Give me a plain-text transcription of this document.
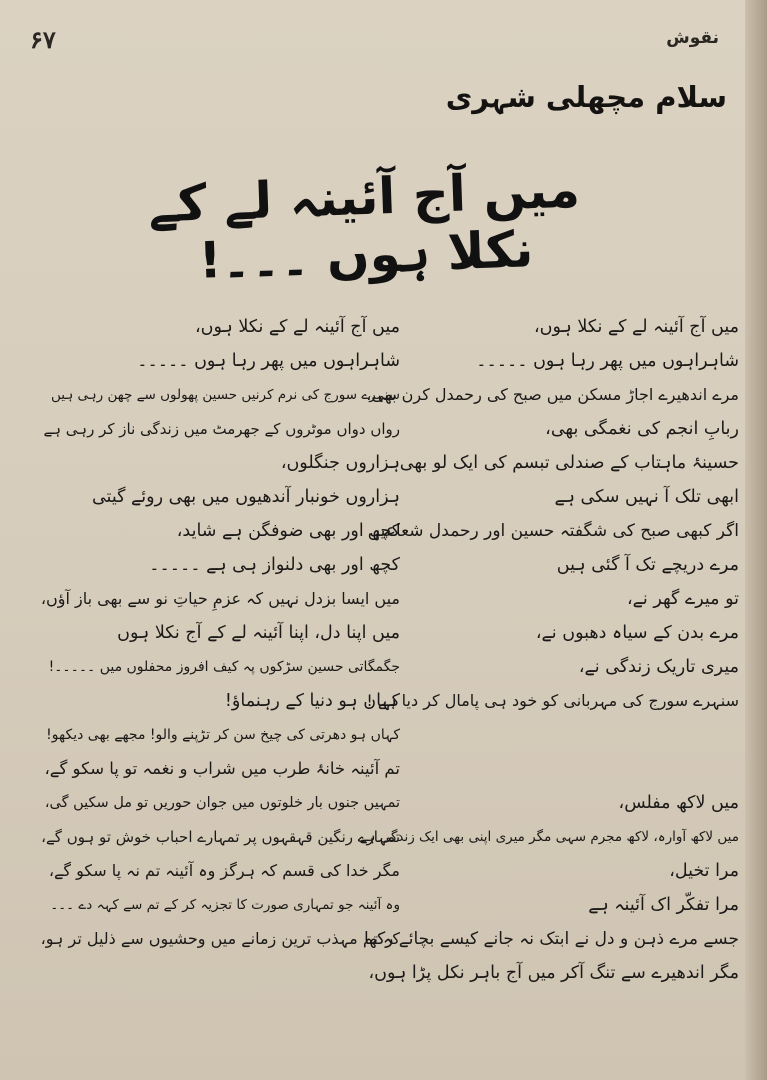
۶۷	نقوش
سلام مچھلی شہری
میں آج آئینہ لے کے نکلا ہوں ۔۔۔!
میں آج آئینہ لے کے نکلا ہوں،
شاہراہوں میں پھر رہا ہوں ۔۔۔۔۔
مرے اندھیرے اجاڑ مسکن میں صبح کی رحمدل کرن بھی،
ربابِ انجم کی نغمگی بھی،
حسینۂ ماہتاب کے صندلی تبسم کی ایک لو بھی
ابھی تلک آ نہیں سکی ہے
اگر کبھی صبح کی شگفتہ حسین اور رحمدل شعاعیں
مرے دریچے تک آ گئی ہیں
تو میرے گھر نے،
مرے بدن کے سیاہ دھبوں نے،
میری تاریک زندگی نے،
سنہرے سورج کی مہربانی کو خود ہی پامال کر دیا ہے !
میں لاکھ مفلس،
میں لاکھ آوارہ، لاکھ مجرم سہی مگر میری اپنی بھی ایک زندگی ہے
مرا تخیل،
مرا تفکّر اک آئینہ ہے
جسے مرے ذہن و دل نے ابتک نہ جانے کیسے بچائے رکھا
مگر اندھیرے سے تنگ آکر میں آج باہر نکل پڑا ہوں،
میں آج آئینہ لے کے نکلا ہوں،
شاہراہوں میں پھر رہا ہوں ۔۔۔۔۔
سنہرے سورج کی نرم کرنیں حسین پھولوں سے چھن رہی ہیں
رواں دواں موٹروں کے جھرمٹ میں زندگی ناز کر رہی ہے
ہزاروں جنگلوں،
ہزاروں خونبار آندھیوں میں بھی روئے گیتی
کچھ اور بھی ضوفگن ہے شاید،
کچھ اور بھی دلنواز ہی ہے ۔۔۔۔۔
میں ایسا بزدل نہیں کہ عزمِ حیاتِ نو سے بھی باز آؤں،
میں اپنا دل، اپنا آئینہ لے کے آج نکلا ہوں
جگمگاتی حسین سڑکوں پہ کیف افروز محفلوں میں ۔۔۔۔۔!
کہاں ہو دنیا کے رہنماؤ!
کہاں ہو دھرتی کی چیخ سن کر تڑپنے والو! مجھے بھی دیکھو!
تم آئینہ خانۂ طرب میں شراب و نغمہ تو پا سکو گے،
تمہیں جنوں بار خلوتوں میں جوان حوریں تو مل سکیں گی،
تمہارے رنگین قہقہوں پر تمہارے احباب خوش تو ہوں گے،
مگر خدا کی قسم کہ ہرگز وہ آئینہ تم نہ پا سکو گے،
وہ آئینہ جو تمہاری صورت کا تجزیہ کر کے تم سے کہہ دے ۔۔۔
کہ تم مہذب ترین زمانے میں وحشیوں سے ذلیل تر ہو،
